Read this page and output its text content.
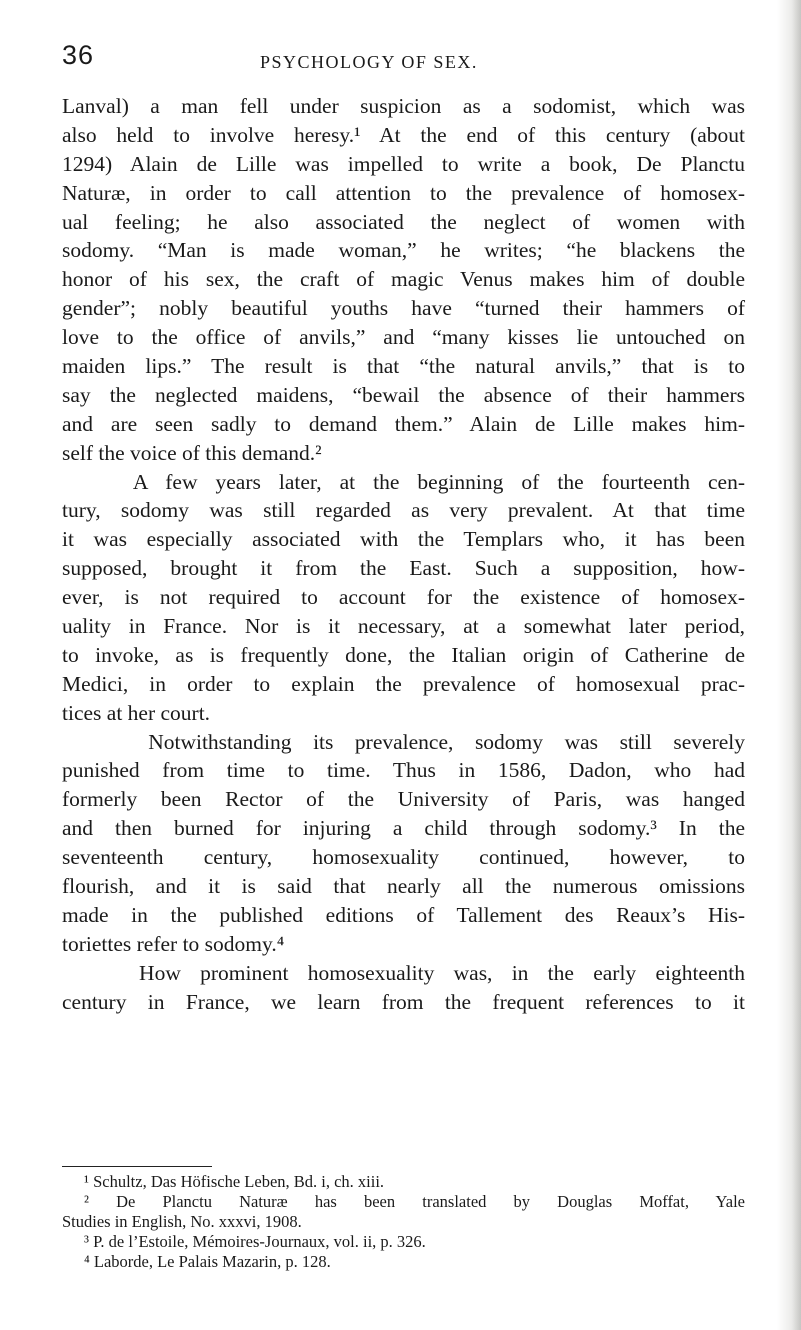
36	PSYCHOLOGY OF SEX.
Lanval) a man fell under suspicion as a sodomist, which was
also held to involve heresy.¹ At the end of this century (about
1294) Alain de Lille was impelled to write a book, De Planctu
Naturæ, in order to call attention to the prevalence of homosex-
ual feeling; he also associated the neglect of women with
sodomy. “Man is made woman,” he writes; “he blackens the
honor of his sex, the craft of magic Venus makes him of double
gender”; nobly beautiful youths have “turned their hammers of
love to the office of anvils,” and “many kisses lie untouched on
maiden lips.” The result is that “the natural anvils,” that is to
say the neglected maidens, “bewail the absence of their hammers
and are seen sadly to demand them.” Alain de Lille makes him-
self the voice of this demand.²
A few years later, at the beginning of the fourteenth cen-
tury, sodomy was still regarded as very prevalent. At that time
it was especially associated with the Templars who, it has been
supposed, brought it from the East. Such a supposition, how-
ever, is not required to account for the existence of homosex-
uality in France. Nor is it necessary, at a somewhat later period,
to invoke, as is frequently done, the Italian origin of Catherine de
Medici, in order to explain the prevalence of homosexual prac-
tices at her court.
Notwithstanding its prevalence, sodomy was still severely
punished from time to time. Thus in 1586, Dadon, who had
formerly been Rector of the University of Paris, was hanged
and then burned for injuring a child through sodomy.³ In the
seventeenth century, homosexuality continued, however, to
flourish, and it is said that nearly all the numerous omissions
made in the published editions of Tallement des Reaux’s His-
toriettes refer to sodomy.⁴
How prominent homosexuality was, in the early eighteenth
century in France, we learn from the frequent references to it
¹ Schultz, Das Höfische Leben, Bd. i, ch. xiii.
² De Planctu Naturæ has been translated by Douglas Moffat, Yale
Studies in English, No. xxxvi, 1908.
³ P. de l’Estoile, Mémoires-Journaux, vol. ii, p. 326.
⁴ Laborde, Le Palais Mazarin, p. 128.
